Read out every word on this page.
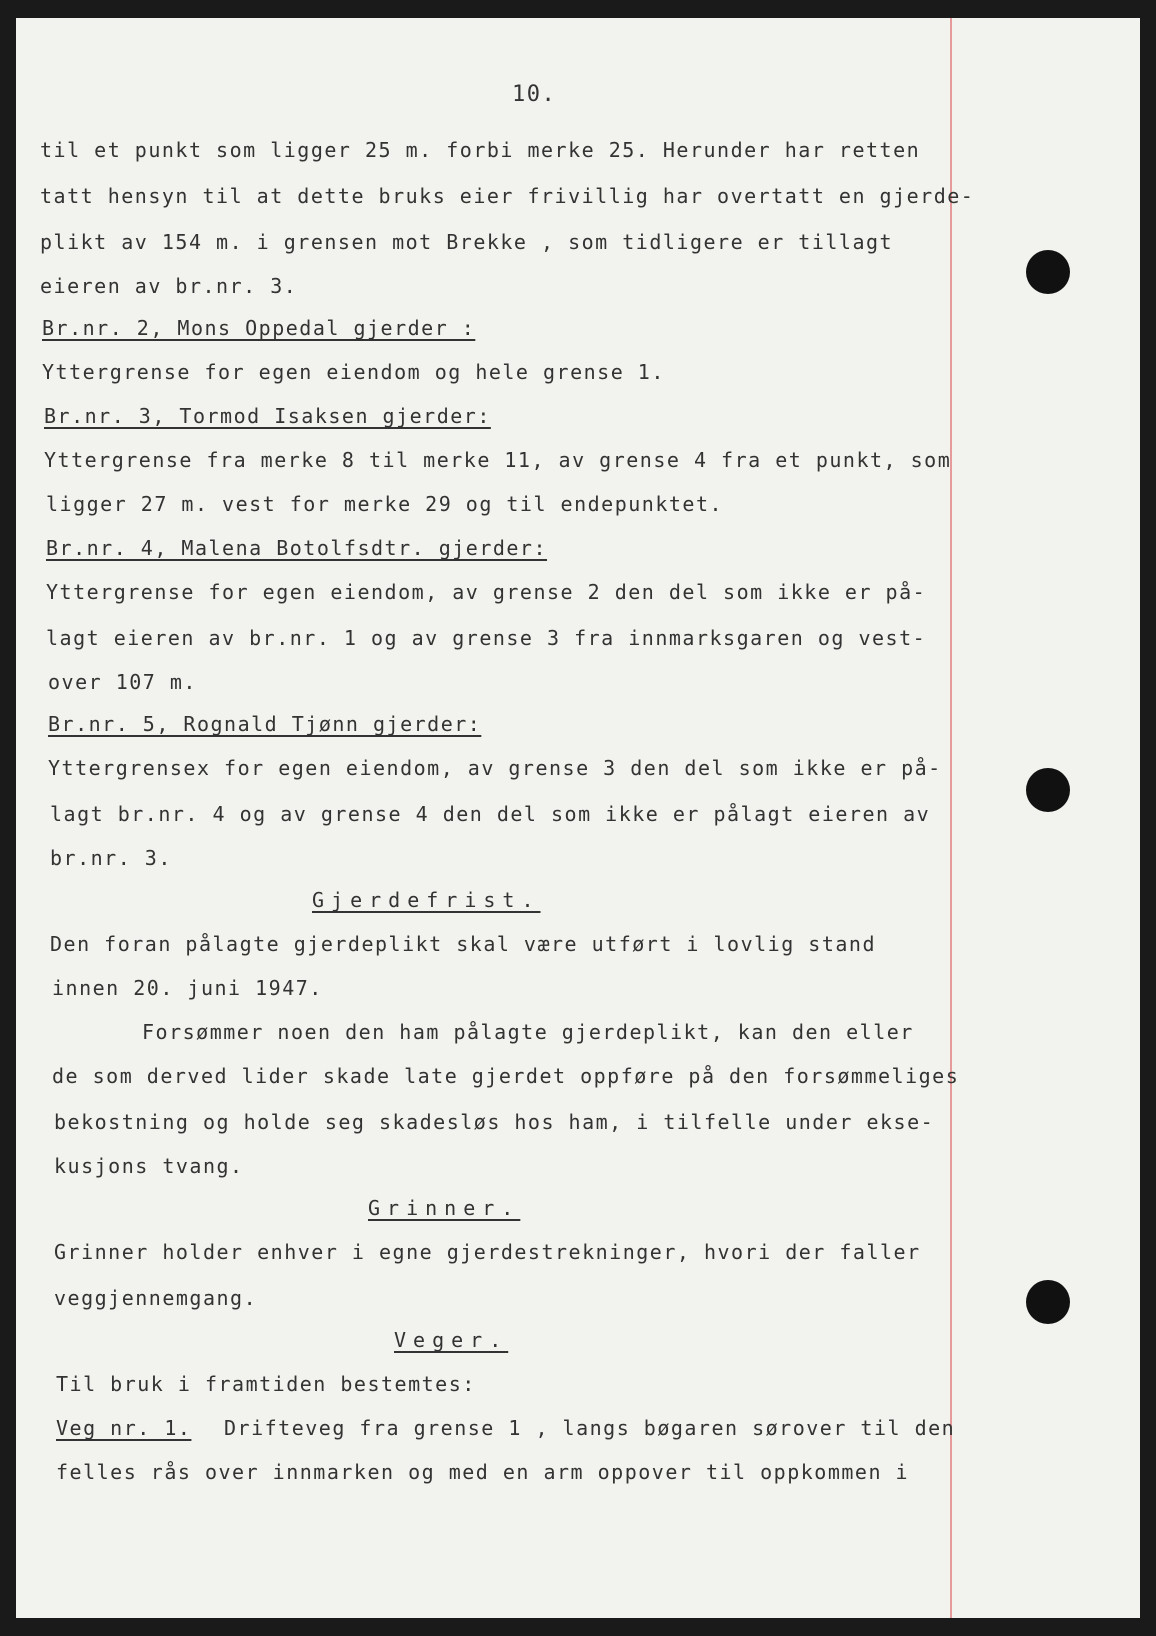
10.
til et punkt som ligger 25 m. forbi merke 25. Herunder har retten
tatt hensyn til at dette bruks eier frivillig har overtatt en gjerde-
plikt av 154 m. i grensen mot Brekke , som tidligere er tillagt
eieren av br.nr. 3.
Br.nr. 2, Mons Oppedal gjerder :
Yttergrense for egen eiendom og hele grense 1.
Br.nr. 3, Tormod Isaksen gjerder:
Yttergrense fra merke 8 til merke 11, av grense 4 fra et punkt, som
ligger 27 m. vest for merke 29 og til endepunktet.
Br.nr. 4, Malena Botolfsdtr. gjerder:
Yttergrense for egen eiendom, av grense 2 den del som ikke er på-
lagt eieren av br.nr. 1 og av grense 3 fra innmarksgaren og vest-
over 107 m.
Br.nr. 5, Rognald Tjønn gjerder:
Yttergrensex for egen eiendom, av grense 3 den del som ikke er på-
lagt br.nr. 4 og av grense 4 den del som ikke er pålagt eieren av
br.nr. 3.
Gjerdefrist.
Den foran pålagte gjerdeplikt skal være utført i lovlig stand
innen 20. juni 1947.
Forsømmer noen den ham pålagte gjerdeplikt, kan den eller
de som derved lider skade late gjerdet oppføre på den forsømmeliges
bekostning og holde seg skadesløs hos ham, i tilfelle under ekse-
kusjons tvang.
Grinner.
Grinner holder enhver i egne gjerdestrekninger, hvori der faller
veggjennemgang.
Veger.
Til bruk i framtiden bestemtes:
Veg nr. 1. Drifteveg fra grense 1 , langs bøgaren sørover til den
felles rås over innmarken og med en arm oppover til oppkommen i
